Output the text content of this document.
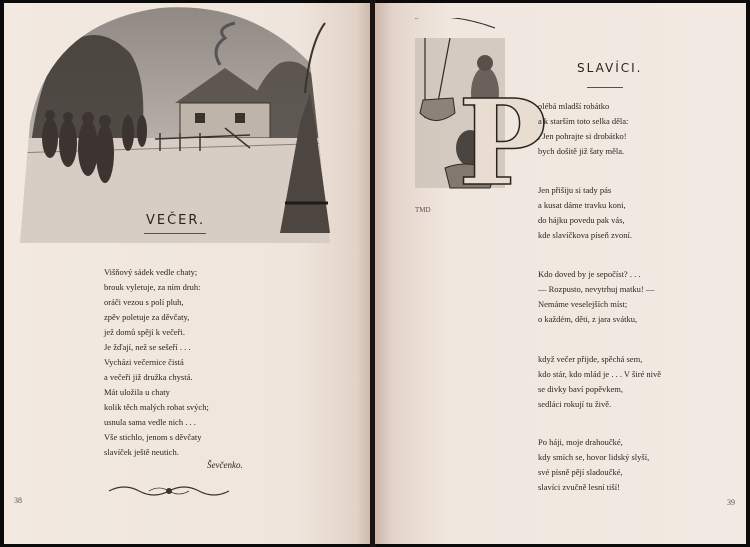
VEČER.
Višňový sádek vedle chaty;
brouk vyletuje, za ním druh:
oráči vezou s polí pluh,
zpěv poletuje za děvčaty,
jež domů spějí k večeři.
Je žďají, než se sešeří . . .
Vycházi večernice čistá
a večeři již družka chystá.
Mát uložila u chaty
kolik těch malých robat svých;
usnula sama vedle nich . . .
Vše stichlo, jenom s děvčaty
slavíček ještě neutich.
Ševčenko.
38
P
TMD
SLAVÍCI.
olébá mladší robátko
a k starším toto selka děla:
, Jen pohrajte si drobátko!
bych došitě již šaty měla.
Jen přišiju si tady pás
a kusat dáme travku koni,
do hájku povedu pak vás,
kde slavíčkova píseň zvoní.
Kdo doved by je sepočíst? . . .
— Rozpusto, nevytrhuj matku! —
Nemáme veselejších míst;
o každém, děti, z jara svátku,
když večer přijde, spěchá sem,
kdo stár, kdo mlád je . . . V širé nivě
se divky baví popěvkem,
sedláci rokují tu živě.
Po háji, moje drahoučké,
kdy smích se, hovor lidský slyší,
své písně pějí sladoučké,
slavíci zvučně lesní tiší!
39
